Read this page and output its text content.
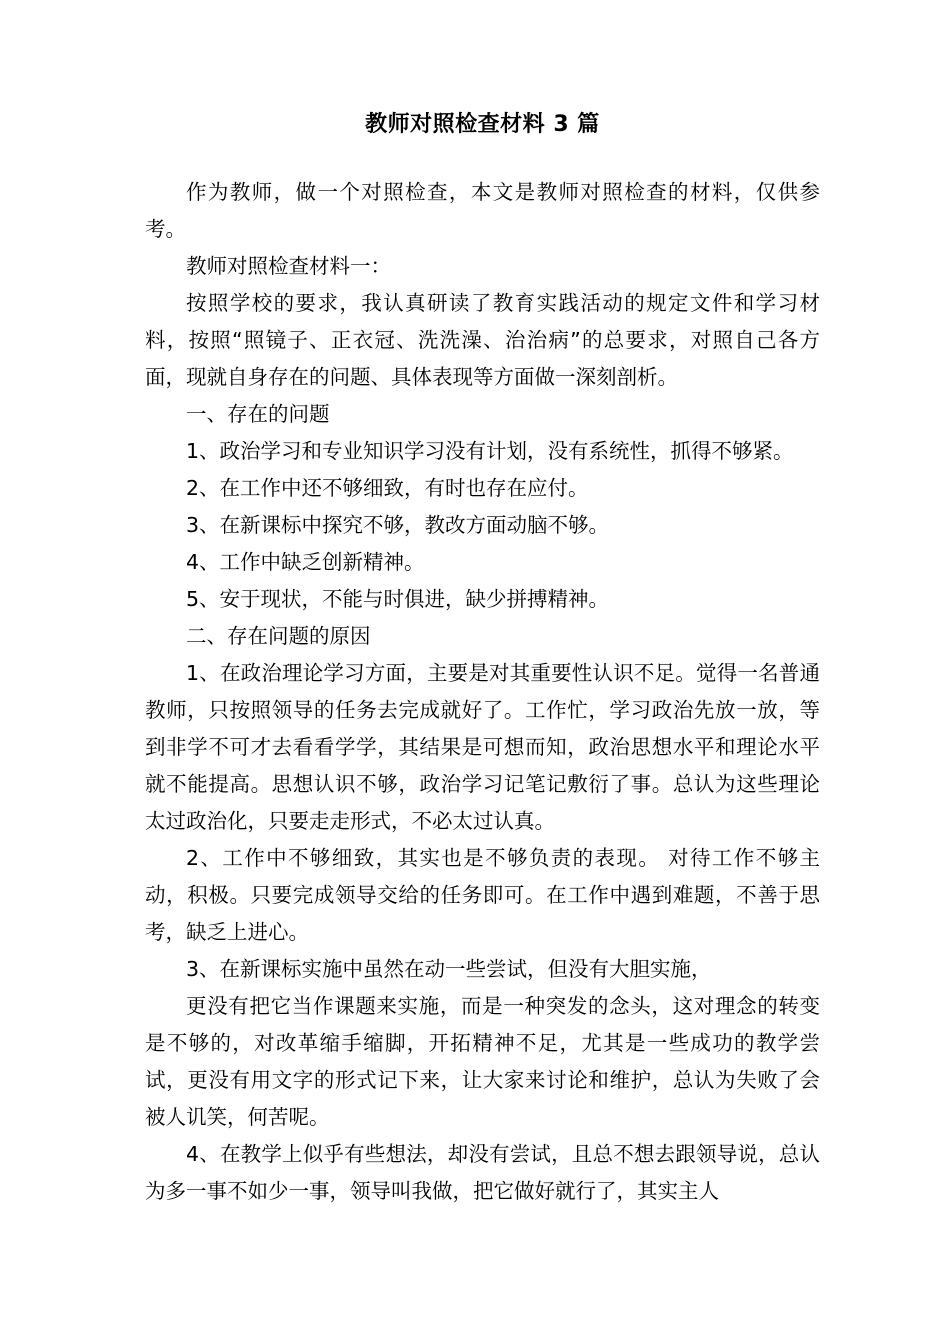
教师对照检查材料 3 篇

作为教师，做一个对照检查，本文是教师对照检查的材料，仅供参考。

教师对照检查材料一：

按照学校的要求，我认真研读了教育实践活动的规定文件和学习材料，按照“照镜子、正衣冠、洗洗澡、治治病”的总要求，对照自己各方面，现就自身存在的问题、具体表现等方面做一深刻剖析。

一、存在的问题

1、政治学习和专业知识学习没有计划，没有系统性，抓得不够紧。

2、在工作中还不够细致，有时也存在应付。

3、在新课标中探究不够，教改方面动脑不够。

4、工作中缺乏创新精神。

5、安于现状，不能与时俱进，缺少拼搏精神。

二、存在问题的原因

1、在政治理论学习方面，主要是对其重要性认识不足。觉得一名普通教师，只按照领导的任务去完成就好了。工作忙，学习政治先放一放，等到非学不可才去看看学学，其结果是可想而知，政治思想水平和理论水平就不能提高。思想认识不够，政治学习记笔记敷衍了事。总认为这些理论太过政治化，只要走走形式，不必太过认真。

2、工作中不够细致，其实也是不够负责的表现。 对待工作不够主动，积极。只要完成领导交给的任务即可。在工作中遇到难题，不善于思考，缺乏上进心。

3、在新课标实施中虽然在动一些尝试，但没有大胆实施，

更没有把它当作课题来实施，而是一种突发的念头，这对理念的转变是不够的，对改革缩手缩脚，开拓精神不足，尤其是一些成功的教学尝试，更没有用文字的形式记下来，让大家来讨论和维护，总认为失败了会被人讥笑，何苦呢。

4、在教学上似乎有些想法，却没有尝试，且总不想去跟领导说，总认为多一事不如少一事，领导叫我做，把它做好就行了，其实主人
